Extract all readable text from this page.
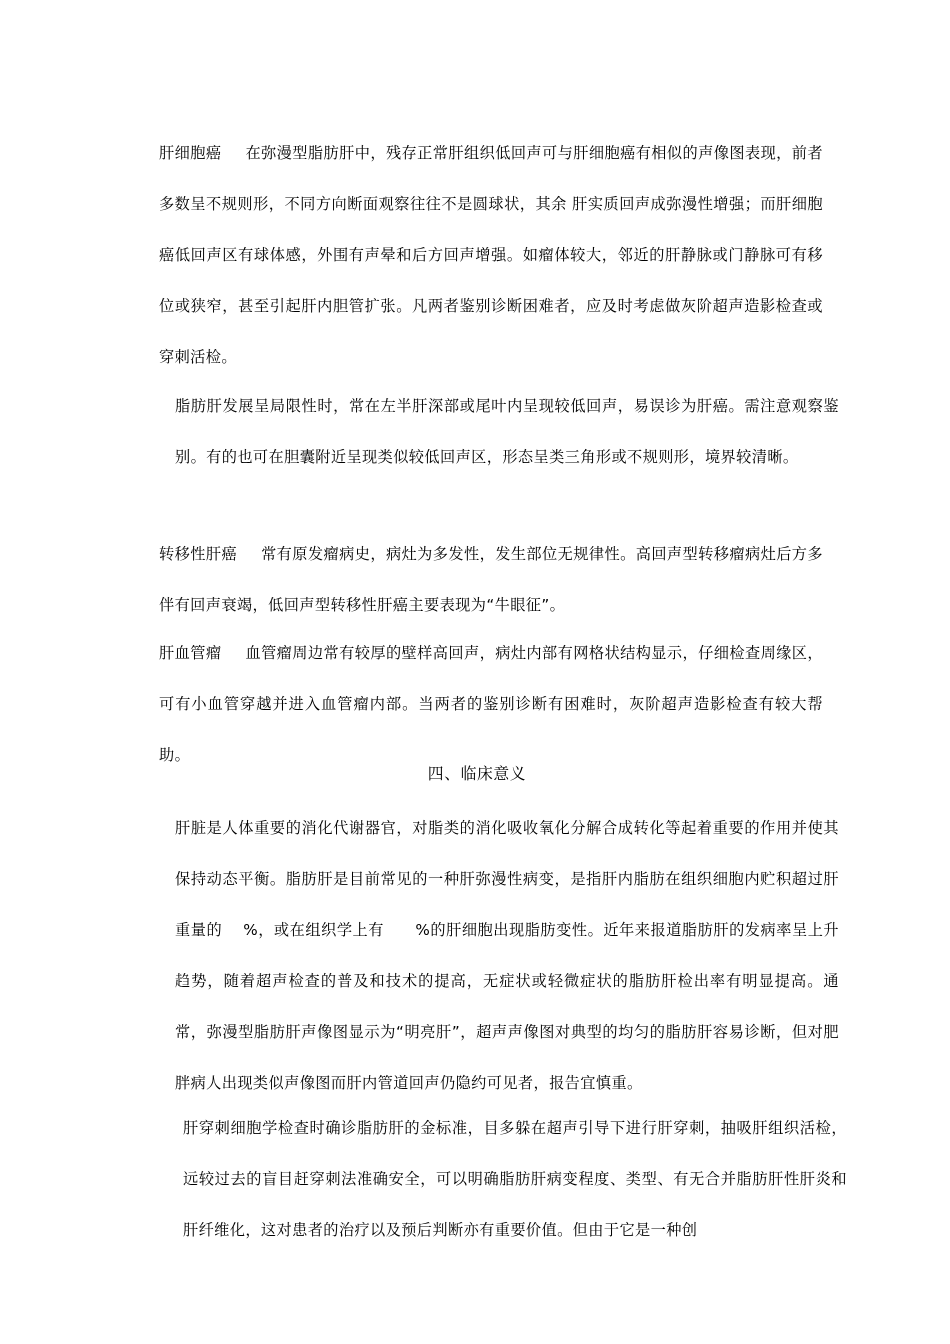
肝细胞癌 在弥漫型脂肪肝中，残存正常肝组织低回声可与肝细胞癌有相似的声像图表现，前者多数呈不规则形，不同方向断面观察往往不是圆球状，其余 肝实质回声成弥漫性增强；而肝细胞癌低回声区有球体感，外围有声晕和后方回声增强。如瘤体较大，邻近的肝静脉或门静脉可有移位或狭窄，甚至引起肝内胆管扩张。凡两者鉴别诊断困难者，应及时考虑做灰阶超声造影检查或穿刺活检。

脂肪肝发展呈局限性时，常在左半肝深部或尾叶内呈现较低回声，易误诊为肝癌。需注意观察鉴别。有的也可在胆囊附近呈现类似较低回声区，形态呈类三角形或不规则形，境界较清晰。

转移性肝癌 常有原发瘤病史，病灶为多发性，发生部位无规律性。高回声型转移瘤病灶后方多伴有回声衰竭，低回声型转移性肝癌主要表现为“牛眼征”。

肝血管瘤 血管瘤周边常有较厚的壁样高回声，病灶内部有网格状结构显示，仔细检查周缘区，可有小血管穿越并进入血管瘤内部。当两者的鉴别诊断有困难时，灰阶超声造影检查有较大帮助。

四、临床意义

肝脏是人体重要的消化代谢器官，对脂类的消化吸收氧化分解合成转化等起着重要的作用并使其保持动态平衡。脂肪肝是目前常见的一种肝弥漫性病变，是指肝内脂肪在组织细胞内贮积超过肝重量的　 %，或在组织学上有　　%的肝细胞出现脂肪变性。近年来报道脂肪肝的发病率呈上升趋势，随着超声检查的普及和技术的提高，无症状或轻微症状的脂肪肝检出率有明显提高。通常，弥漫型脂肪肝声像图显示为“明亮肝”，超声声像图对典型的均匀的脂肪肝容易诊断，但对肥胖病人出现类似声像图而肝内管道回声仍隐约可见者，报告宜慎重。

肝穿刺细胞学检查时确诊脂肪肝的金标准，目多躲在超声引导下进行肝穿刺，抽吸肝组织活检，远较过去的盲目赶穿刺法准确安全，可以明确脂肪肝病变程度、类型、有无合并脂肪肝性肝炎和肝纤维化，这对患者的治疗以及预后判断亦有重要价值。但由于它是一种创
